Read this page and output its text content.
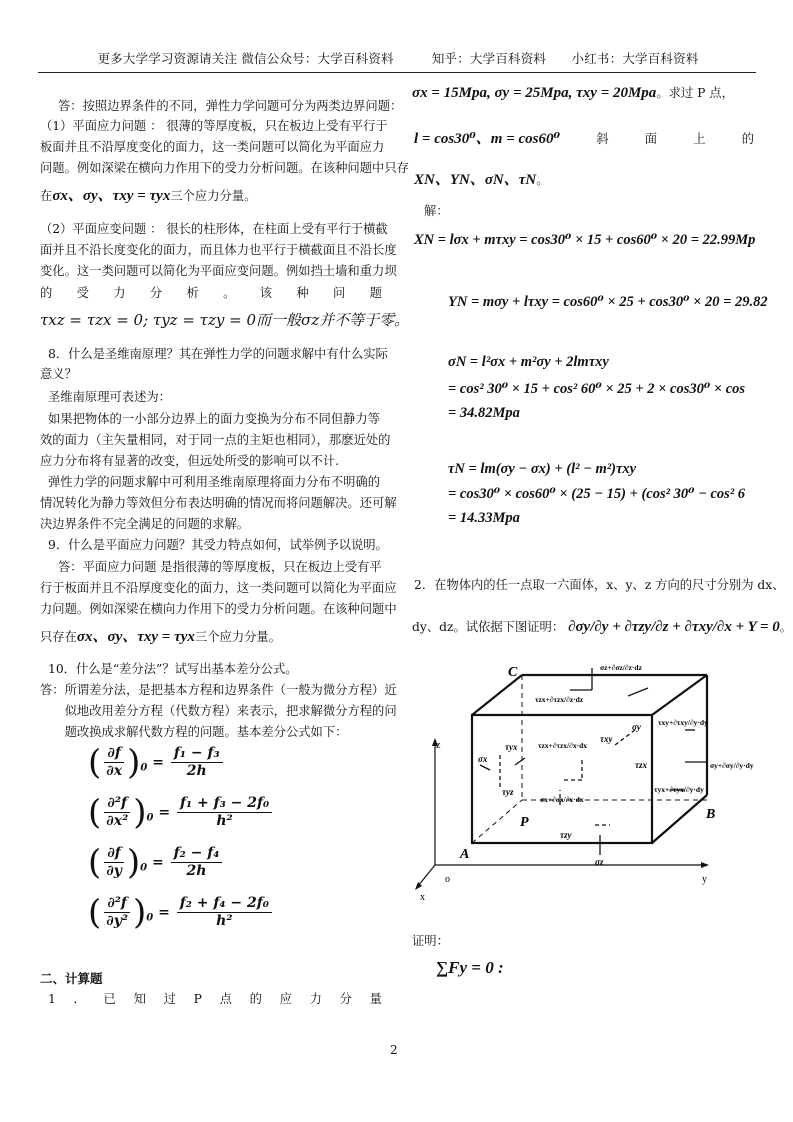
更多大学学习资源请关注 微信公众号：大学百科资料　　　知乎：大学百科资料　　小红书：大学百科资料
答：按照边界条件的不同，弹性力学问题可分为两类边界问题：
（1）平面应力问题 ： 很薄的等厚度板，只在板边上受有平行于
板面并且不沿厚度变化的面力，这一类问题可以简化为平面应力
问题。例如深梁在横向力作用下的受力分析问题。在该种问题中只存
在σx、σy、τxy = τyx三个应力分量。
（2）平面应变问题 ： 很长的柱形体，在柱面上受有平行于横截
面并且不沿长度变化的面力，而且体力也平行于横截面且不沿长度
变化。这一类问题可以简化为平面应变问题。例如挡土墙和重力坝
的 受 力 分 析 。 该 种 问 题
τxz = τzx = 0; τyz = τzy = 0而一般σz并不等于零。
8．什么是圣维南原理？其在弹性力学的问题求解中有什么实际
意义？
圣维南原理可表述为：
如果把物体的一小部分边界上的面力变换为分布不同但静力等
效的面力（主矢量相同，对于同一点的主矩也相同），那麽近处的
应力分布将有显著的改变，但远处所受的影响可以不计.
弹性力学的问题求解中可利用圣维南原理将面力分布不明确的
情况转化为静力等效但分布表达明确的情况而将问题解决。还可解
决边界条件不完全满足的问题的求解。
9．什么是平面应力问题？其受力特点如何，试举例予以说明。
答：平面应力问题 是指很薄的等厚度板，只在板边上受有平
行于板面并且不沿厚度变化的面力，这一类问题可以简化为平面应
力问题。例如深梁在横向力作用下的受力分析问题。在该种问题中
只存在σx、σy、τxy = τyx三个应力分量。
10．什么是“差分法”？试写出基本差分公式。
答：所谓差分法，是把基本方程和边界条件（一般为微分方程）近
　　似地改用差分方程（代数方程）来表示，把求解微分方程的问
　　题改换成求解代数方程的问题。基本差分公式如下：
( $\frac{\partial f}{\partial x} )_0 = \frac{\text{f₁ − f₃}}{2h}$
( $\frac{\text{∂²f}}{\text{∂x²}} )_0 = \frac{\text{f₁ + f₃ − 2f₀}}{\text{h²}}$
( $\frac{\partial f}{\partial y} )_0 = \frac{\text{f₂ − f₄}}{2h}$
( $\frac{\text{∂²f}}{\text{∂y²}} )_0 = \frac{\text{f₂ + f₄ − 2f₀}}{\text{h²}}$
二、计算题
1 ． 已 知 过 P 点 的 应 力 分 量
σx = 15Mpa, σy = 25Mpa, τxy = 20Mpa。求过 P 点，
l = cos30⁰、m = cos60⁰	斜	面	上	的
XN、YN、σN、τN。
解：
XN = lσx + mτxy = cos30⁰ × 15 + cos60⁰ × 20 = 22.99Mp
YN = mσy + lτxy = cos60⁰ × 25 + cos30⁰ × 20 = 29.82
σN = l²σx + m²σy + 2lmτxy
= cos² 30⁰ × 15 + cos² 60⁰ × 25 + 2 × cos30⁰ × cos
= 34.82Mpa
τN = lm(σy − σx) + (l² − m²)τxy
= cos30⁰ × cos60⁰ × (25 − 15) + (cos² 30⁰ − cos² 6
= 14.33Mpa
2．在物体内的任一点取一六面体，x、y、z 方向的尺寸分别为 dx、
dy、dz。试依据下图证明： ∂σy/∂y + ∂τzy/∂z + ∂τxy/∂x + Y = 0。
z
y
x
o
C
A
B
P
σz+∂σz/∂z·dz
τzx+∂τzx/∂z·dz
τyx	τzx+∂τzx/∂x·dx
τxy
σy
σx
τyz
τxy+∂τxy/∂y·dy
σy+∂σy/∂y·dy
τzx
σz
τzy
σx+∂σx/∂x·dx
τyx+∂τyx/∂y·dy
证明：
∑Fy = 0 :
2
